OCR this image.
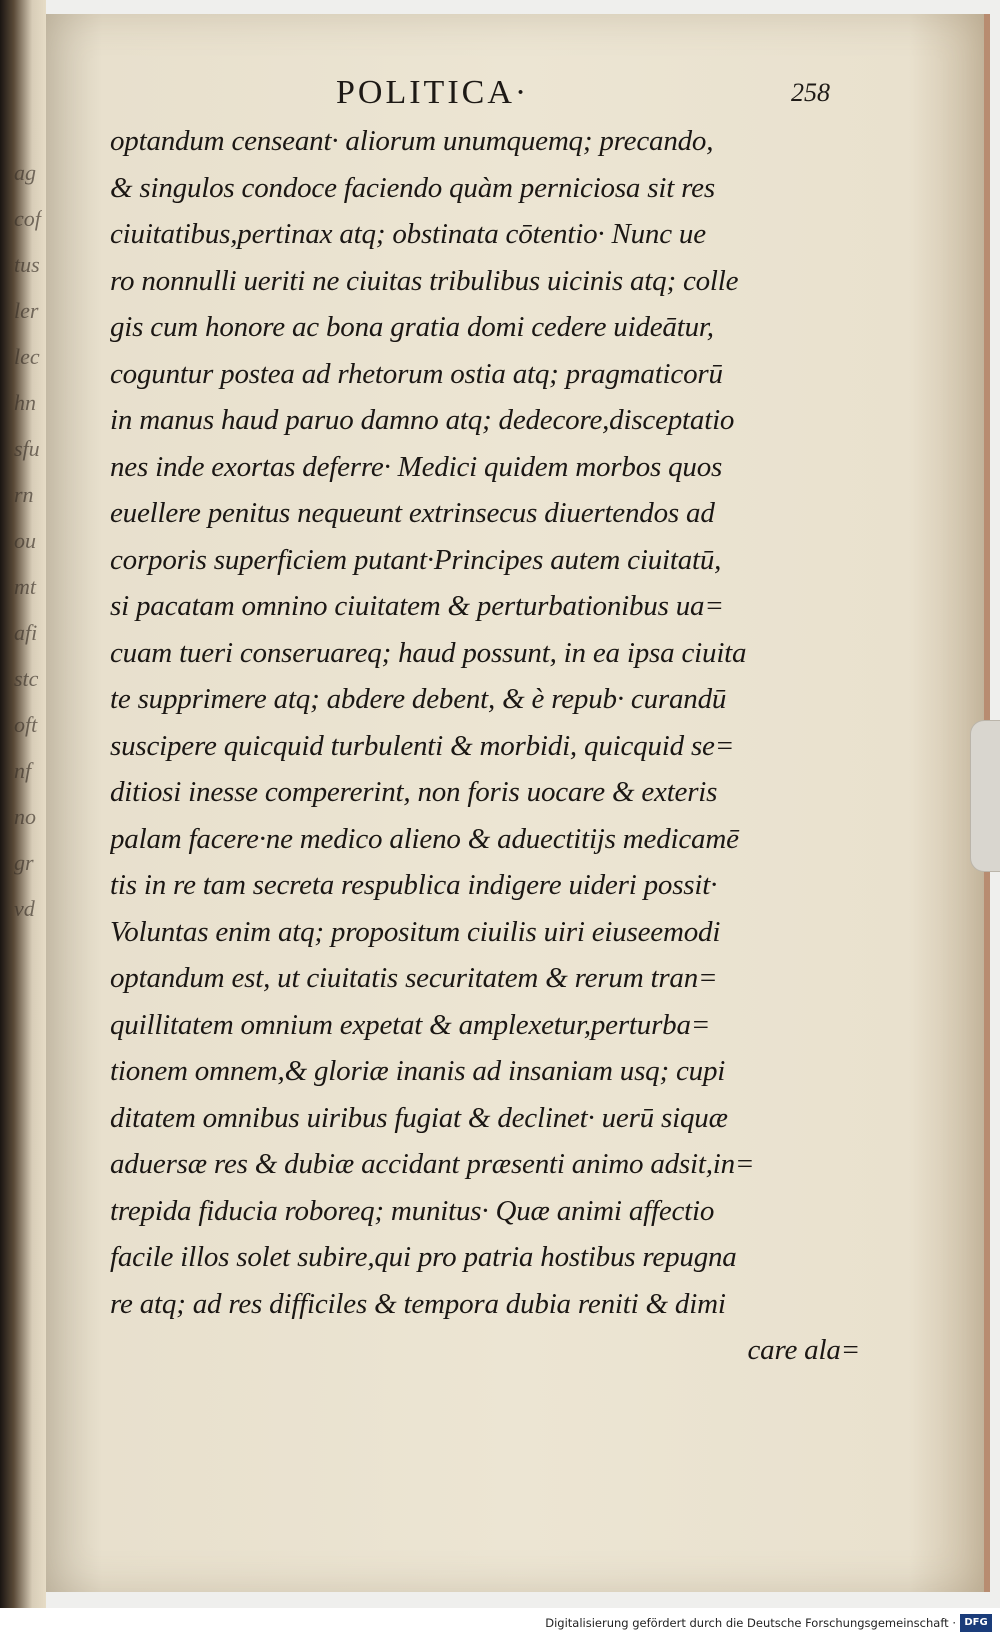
agcoftuslerlechnsfurnoumtafistcoftnfnogrvd
POLITICA·	258
optandum censeant· aliorum unumquemq; precando,
& singulos condoce faciendo quàm perniciosa sit res
ciuitatibus,pertinax atq; obstinata cōtentio· Nunc ue
ro nonnulli ueriti ne ciuitas tribulibus uicinis atq; colle
gis cum honore ac bona gratia domi cedere uideātur,
coguntur postea ad rhetorum ostia atq; pragmaticorū
in manus haud paruo damno atq; dedecore,disceptatio
nes inde exortas deferre· Medici quidem morbos quos
euellere penitus nequeunt extrinsecus diuertendos ad
corporis superficiem putant·Principes autem ciuitatū,
si pacatam omnino ciuitatem & perturbationibus ua=
cuam tueri conseruareq; haud possunt, in ea ipsa ciuita
te supprimere atq; abdere debent, & è repub· curandū
suscipere quicquid turbulenti & morbidi, quicquid se=
ditiosi inesse compererint, non foris uocare & exteris
palam facere·ne medico alieno & aduectitijs medicamē
tis in re tam secreta respublica indigere uideri possit·
Voluntas enim atq; propositum ciuilis uiri eiuseemodi
optandum est, ut ciuitatis securitatem & rerum tran=
quillitatem omnium expetat & amplexetur,perturba=
tionem omnem,& gloriæ inanis ad insaniam usq; cupi
ditatem omnibus uiribus fugiat & declinet· uerū siquæ
aduersæ res & dubiæ accidant præsenti animo adsit,in=
trepida fiducia roboreq; munitus· Quæ animi affectio
facile illos solet subire,qui pro patria hostibus repugna
re atq; ad res difficiles & tempora dubia reniti & dimi
care ala=
Digitalisierung gefördert durch die Deutsche Forschungsgemeinschaft · DFG
